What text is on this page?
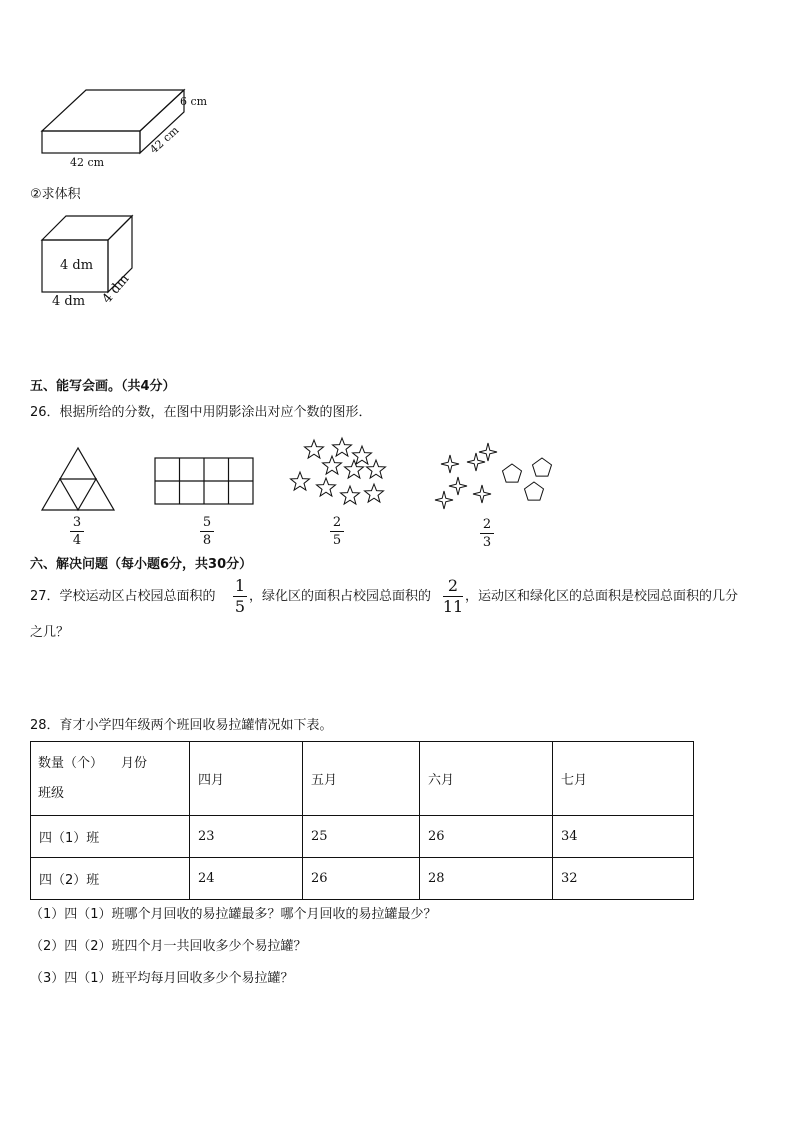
6 cm
42 cm
42 cm
②求体积
4 dm
4 dm 4 dm
五、能写会画。（共4分）
26．根据所给的分数，在图中用阴影涂出对应个数的图形．
3
4
5
8
2
5
2
3
六、解决问题（每小题6分，共30分）
27．学校运动区占校园总面积的
1
5
，绿化区的面积占校园总面积的
2
11
，运动区和绿化区的总面积是校园总面积的几分
之几？
28．育才小学四年级两个班回收易拉罐情况如下表。
数量（个） 月份
班级	四月	五月	六月	七月
四（1）班	23	25	26	34
四（2）班	24	26	28	32
（1）四（1）班哪个月回收的易拉罐最多？哪个月回收的易拉罐最少？
（2）四（2）班四个月一共回收多少个易拉罐？
（3）四（1）班平均每月回收多少个易拉罐？
